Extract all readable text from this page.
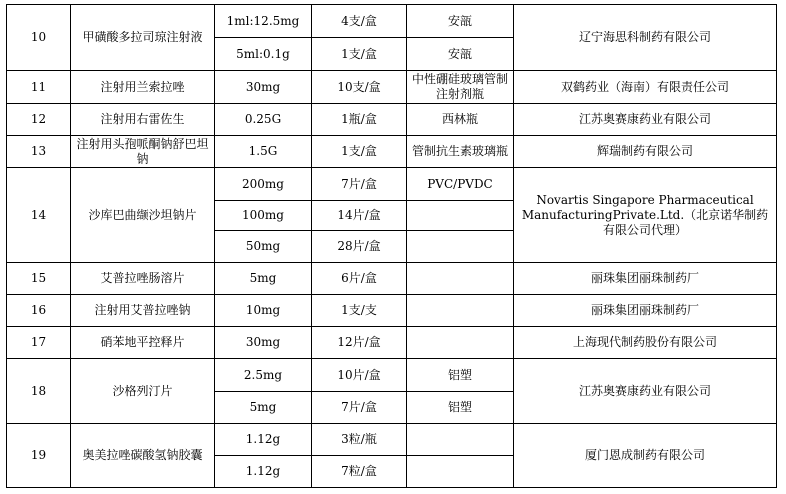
10	甲磺酸多拉司琼注射液	1ml:12.5mg	4支/盒	安瓿	辽宁海思科制药有限公司
		5ml:0.1g	1支/盒	安瓿	
11	注射用兰索拉唑	30mg	10支/盒	中性硼硅玻璃管制注射剂瓶	双鹤药业（海南）有限责任公司
12	注射用右雷佐生	0.25G	1瓶/盒	西林瓶	江苏奥赛康药业有限公司
13	注射用头孢哌酮钠舒巴坦钠	1.5G	1支/盒	管制抗生素玻璃瓶	辉瑞制药有限公司
14	沙库巴曲缬沙坦钠片	200mg	7片/盒	PVC/PVDC	Novartis Singapore Pharmaceutical ManufacturingPrivate.Ltd.（北京诺华制药有限公司代理）
		100mg	14片/盒		
		50mg	28片/盒		
15	艾普拉唑肠溶片	5mg	6片/盒		丽珠集团丽珠制药厂
16	注射用艾普拉唑钠	10mg	1支/支		丽珠集团丽珠制药厂
17	硝苯地平控释片	30mg	12片/盒		上海现代制药股份有限公司
18	沙格列汀片	2.5mg	10片/盒	铝塑	江苏奥赛康药业有限公司
		5mg	7片/盒	铝塑	
19	奥美拉唑碳酸氢钠胶囊	1.12g	3粒/瓶		厦门恩成制药有限公司
		1.12g	7粒/盒		
